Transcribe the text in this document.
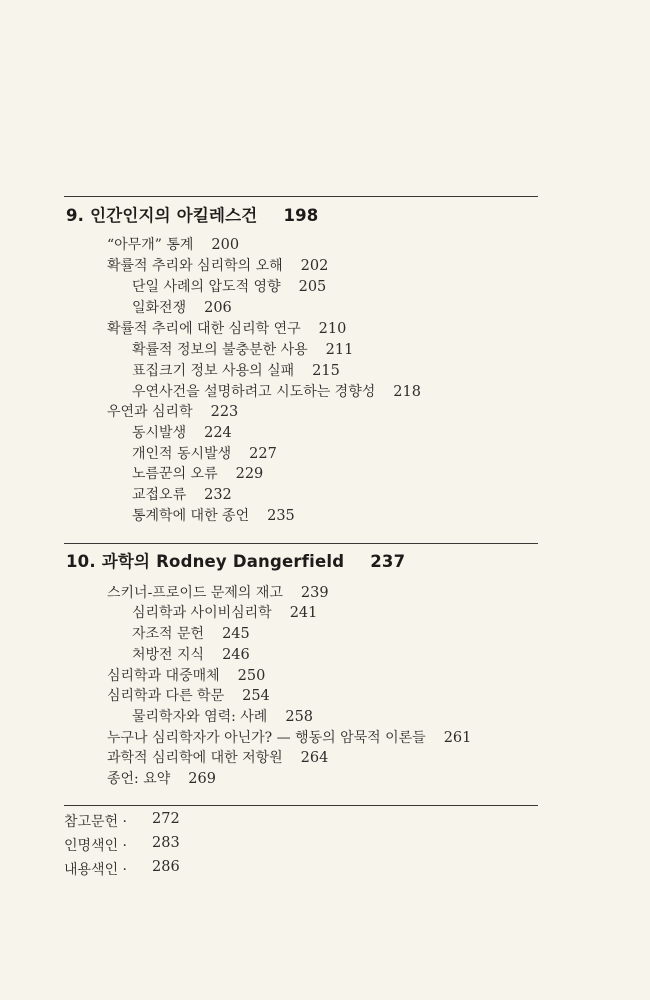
9. 인간인지의 아킬레스건 198
“아무개” 통계 200
확률적 추리와 심리학의 오해 202
단일 사례의 압도적 영향 205
일화전쟁 206
확률적 추리에 대한 심리학 연구 210
확률적 정보의 불충분한 사용 211
표집크기 정보 사용의 실패 215
우연사건을 설명하려고 시도하는 경향성 218
우연과 심리학 223
동시발생 224
개인적 동시발생 227
노름꾼의 오류 229
교접오류 232
통계학에 대한 종언 235
10. 과학의 Rodney Dangerfield 237
스키너-프로이드 문제의 재고 239
심리학과 사이비심리학 241
자조적 문헌 245
처방전 지식 246
심리학과 대중매체 250
심리학과 다른 학문 254
물리학자와 염력: 사례 258
누구나 심리학자가 아닌가? — 행동의 암묵적 이론들 261
과학적 심리학에 대한 저항원 264
종언: 요약 269
참고문헌 · 272
인명색인 · 283
내용색인 · 286
